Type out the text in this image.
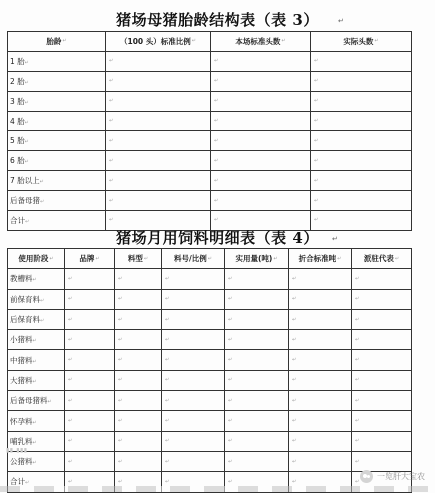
猪场母猪胎龄结构表（表 3）	↵
胎龄 ↵	（100 头）标准比例 ↵	本场标准头数 ↵	实际头数 ↵

1 胎↵	↵	↵	↵
2 胎↵	↵	↵	↵
3 胎↵	↵	↵	↵
4 胎↵	↵	↵	↵
5 胎↵	↵	↵	↵
6 胎↵	↵	↵	↵
7 胎以上↵	↵	↵	↵
后备母猪↵	↵	↵	↵
合计↵	↵	↵	↵
猪场月用饲料明细表（表 4）	↵
使用阶段 ↵	品牌 ↵	料型 ↵	料号/比例 ↵	实用量(吨) ↵	折合标准吨 ↵	派驻代表 ↵

教槽料↵	↵	↵	↵	↵	↵	↵
前保育料↵	↵	↵	↵	↵	↵	↵
后保育料↵	↵	↵	↵	↵	↵	↵
小猪料↵	↵	↵	↵	↵	↵	↵
中猪料↵	↵	↵	↵	↵	↵	↵
大猪料↵	↵	↵	↵	↵	↵	↵
后备母猪料↵	↵	↵	↵	↵	↵	↵
怀孕料↵	↵	↵	↵	↵	↵	↵
哺乳料↵	↵	↵	↵	↵	↵	↵
公猪料↵	↵	↵	↵	↵	↵	↵
合计↵	↵	↵	↵	↵	↵	↵
▮▮ ▮▮▮
一览肝大宝农
